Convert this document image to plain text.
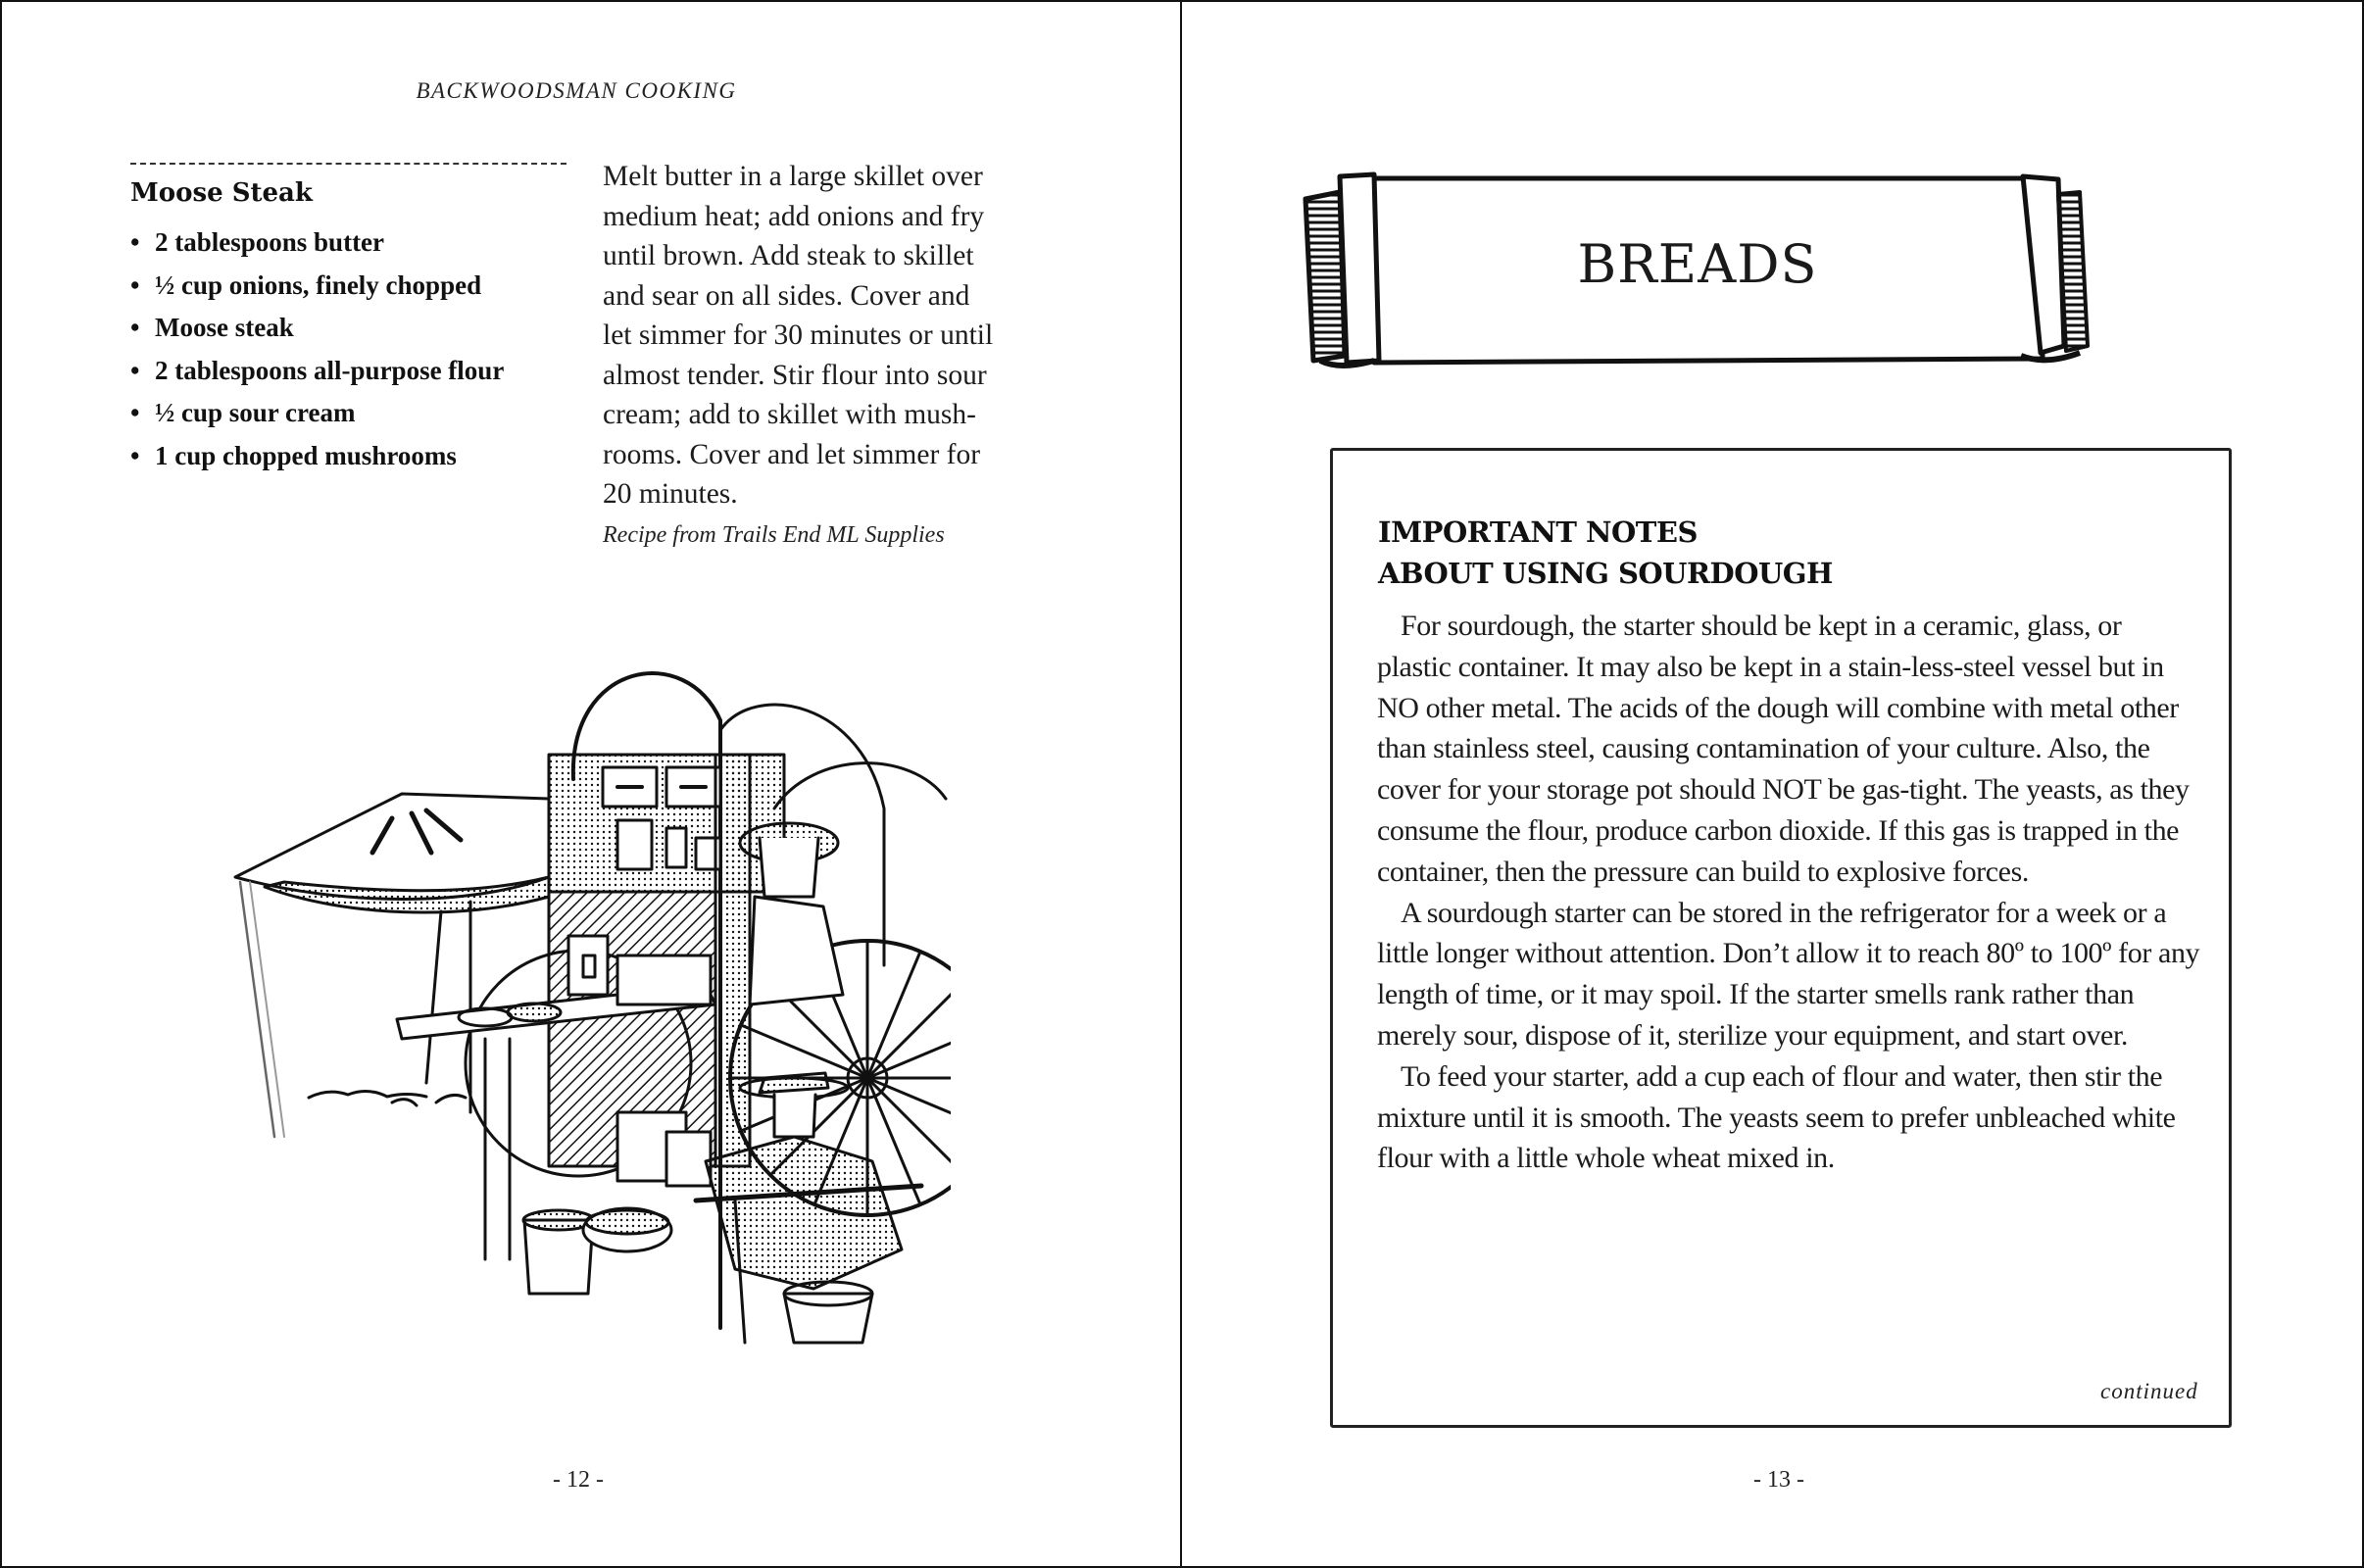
BACKWOODSMAN COOKING
Moose Steak
• 2 tablespoons butter
• ½ cup onions, finely chopped
• Moose steak
• 2 tablespoons all-purpose flour
• ½ cup sour cream
• 1 cup chopped mushrooms

Melt butter in a large skillet over

medium heat; add onions and fry

until brown. Add steak to skillet

and sear on all sides. Cover and

let simmer for 30 minutes or until

almost tender. Stir flour into sour

cream; add to skillet with mush-

rooms. Cover and let simmer for

20 minutes.

Recipe from Trails End ML Supplies
- 12 -
BREADS
IMPORTANT NOTES
ABOUT USING SOURDOUGH

For sourdough, the starter should be kept in a ceramic, glass, or plastic container. It may also be kept in a stain-less-steel vessel but in NO other metal. The acids of the dough will combine with metal other than stainless steel, causing contamination of your culture. Also, the cover for your storage pot should NOT be gas-tight. The yeasts, as they consume the flour, produce carbon dioxide. If this gas is trapped in the container, then the pressure can build to explosive forces.

A sourdough starter can be stored in the refrigerator for a week or a little longer without attention. Don’t allow it to reach 80º to 100º for any length of time, or it may spoil. If the starter smells rank rather than merely sour, dispose of it, sterilize your equipment, and start over.

To feed your starter, add a cup each of flour and water, then stir the mixture until it is smooth. The yeasts seem to prefer unbleached white flour with a little whole wheat mixed in.

continued
- 13 -
